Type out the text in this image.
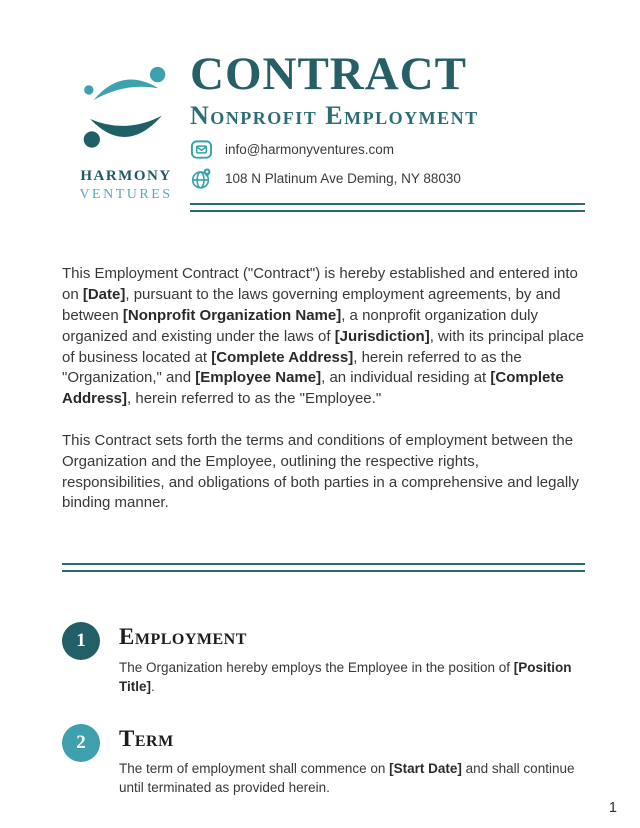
HARMONY
VENTURES
CONTRACT
Nonprofit Employment
info@harmonyventures.com
108 N Platinum Ave Deming, NY 88030

This Employment Contract ("Contract") is hereby established and entered into on [Date], pursuant to the laws governing employment agreements, by and between [Nonprofit Organization Name], a nonprofit organization duly organized and existing under the laws of [Jurisdiction], with its principal place of business located at [Complete Address], herein referred to as the "Organization," and [Employee Name], an individual residing at [Complete Address], herein referred to as the "Employee."

This Contract sets forth the terms and conditions of employment between the Organization and the Employee, outlining the respective rights, responsibilities, and obligations of both parties in a comprehensive and legally binding manner.

1	Employment
The Organization hereby employs the Employee in the position of [Position Title].
2	Term
The term of employment shall commence on [Start Date] and shall continue until terminated as provided herein.
1
